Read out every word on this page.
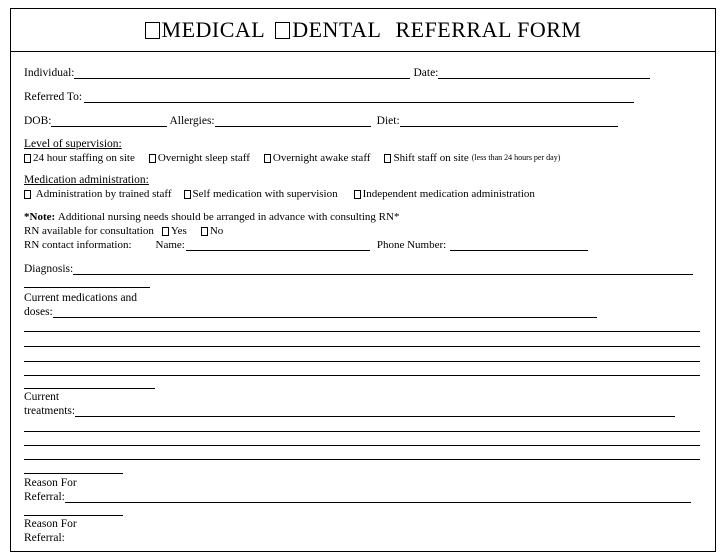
MEDICAL DENTAL REFERRAL FORM
Individual:	Date:
Referred To:
DOB:	Allergies:	Diet:
Level of supervision:
24 hour staffing on site Overnight sleep staff Overnight awake staff Shift staff on site (less than 24 hours per day)
Medication administration:

Administration by trained staff Self medication with supervision Independent medication administration
*Note:
Additional nursing needs should be arranged in advance with consulting RN*
RN available for consultation Yes No
RN contact information: Name:	Phone Number:
Diagnosis:
Current medications and
doses:
Current
treatments:
Reason For
Referral:
Reason For
Referral:
